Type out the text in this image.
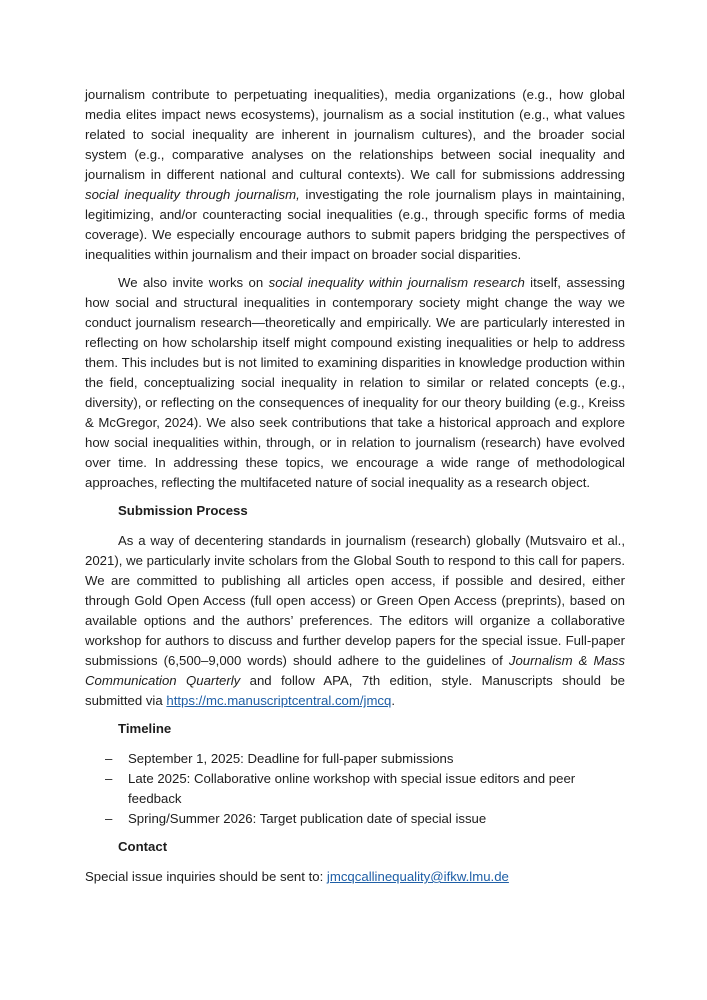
journalism contribute to perpetuating inequalities), media organizations (e.g., how global media elites impact news ecosystems), journalism as a social institution (e.g., what values related to social inequality are inherent in journalism cultures), and the broader social system (e.g., comparative analyses on the relationships between social inequality and journalism in different national and cultural contexts). We call for submissions addressing social inequality through journalism, investigating the role journalism plays in maintaining, legitimizing, and/or counteracting social inequalities (e.g., through specific forms of media coverage). We especially encourage authors to submit papers bridging the perspectives of inequalities within journalism and their impact on broader social disparities.

We also invite works on social inequality within journalism research itself, assessing how social and structural inequalities in contemporary society might change the way we conduct journalism research—theoretically and empirically. We are particularly interested in reflecting on how scholarship itself might compound existing inequalities or help to address them. This includes but is not limited to examining disparities in knowledge production within the field, conceptualizing social inequality in relation to similar or related concepts (e.g., diversity), or reflecting on the consequences of inequality for our theory building (e.g., Kreiss & McGregor, 2024). We also seek contributions that take a historical approach and explore how social inequalities within, through, or in relation to journalism (research) have evolved over time. In addressing these topics, we encourage a wide range of methodological approaches, reflecting the multifaceted nature of social inequality as a research object.

Submission Process

As a way of decentering standards in journalism (research) globally (Mutsvairo et al., 2021), we particularly invite scholars from the Global South to respond to this call for papers. We are committed to publishing all articles open access, if possible and desired, either through Gold Open Access (full open access) or Green Open Access (preprints), based on available options and the authors’ preferences. The editors will organize a collaborative workshop for authors to discuss and further develop papers for the special issue. Full-paper submissions (6,500–9,000 words) should adhere to the guidelines of Journalism & Mass Communication Quarterly and follow APA, 7th edition, style. Manuscripts should be submitted via https://mc.manuscriptcentral.com/jmcq.

Timeline
– September 1, 2025: Deadline for full-paper submissions
– Late 2025: Collaborative online workshop with special issue editors and peer feedback
– Spring/Summer 2026: Target publication date of special issue
Contact

Special issue inquiries should be sent to: jmcqcallinequality@ifkw.lmu.de
